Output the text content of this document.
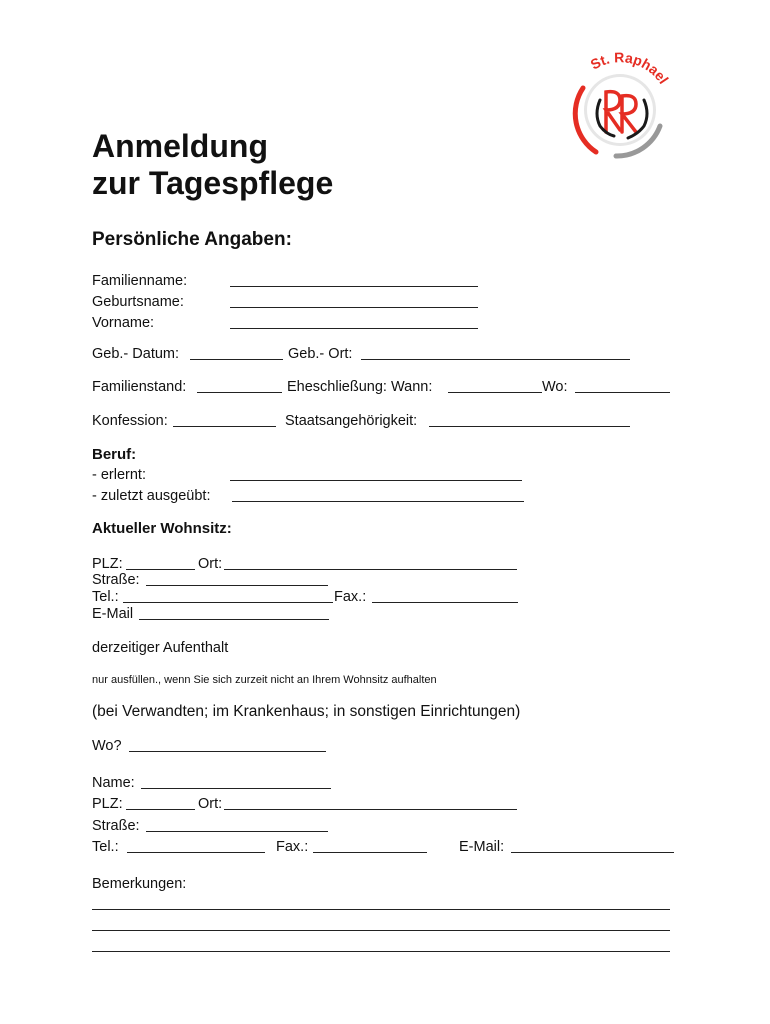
St. Raphael
Anmeldung
zur Tagespflege
Persönliche Angaben:
Familienname:
Geburtsname:
Vorname:
Geb.- Datum:	Geb.- Ort:
Familienstand:	Eheschließung: Wann:	Wo:
Konfession:	Staatsangehörigkeit:
Beruf:
- erlernt:
- zuletzt ausgeübt:
Aktueller Wohnsitz:
PLZ:	Ort:
Straße:
Tel.:	Fax.:
E-Mail
derzeitiger Aufenthalt
nur ausfüllen., wenn Sie sich zurzeit nicht an Ihrem Wohnsitz aufhalten
(bei Verwandten; im Krankenhaus; in sonstigen Einrichtungen)
Wo?
Name:
PLZ:	Ort:
Straße:
Tel.:	Fax.:	E-Mail:
Bemerkungen:
